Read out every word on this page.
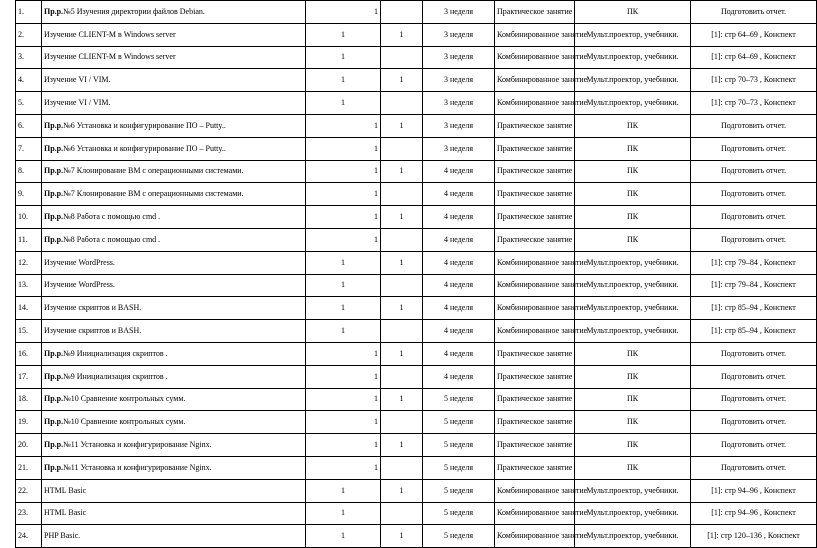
1.	Пр.р.№5 Изучения директории файлов Debian.	1		3 неделя	Практическое занятие	ПК	Подготовить отчет.
2.	Изучение CLIENT-M в Windows server	1	1	3 неделя	Комбинированное занятие	Мульт.проектор, учебники.	[1]: стр 64–69 , Конспект
3.	Изучение CLIENT-M в Windows server	1		3 неделя	Комбинированное занятие	Мульт.проектор, учебники.	[1]: стр 64–69 , Конспект
4.	Изучение VI / VIM.	1	1	3 неделя	Комбинированное занятие	Мульт.проектор, учебники.	[1]: стр 70–73 , Конспект
5.	Изучение VI / VIM.	1		3 неделя	Комбинированное занятие	Мульт.проектор, учебники.	[1]: стр 70–73 , Конспект
6.	Пр.р.№6 Установка и конфигурирование ПО – Putty..	1	1	3 неделя	Практическое занятие	ПК	Подготовить отчет.
7.	Пр.р.№6 Установка и конфигурирование ПО – Putty..	1		3 неделя	Практическое занятие	ПК	Подготовить отчет.
8.	Пр.р.№7 Клонирование ВМ с операционными системами.	1	1	4 неделя	Практическое занятие	ПК	Подготовить отчет.
9.	Пр.р.№7 Клонирование ВМ с операционными системами.	1		4 неделя	Практическое занятие	ПК	Подготовить отчет.
10.	Пр.р.№8 Работа с помощью cmd .	1	1	4 неделя	Практическое занятие	ПК	Подготовить отчет.
11.	Пр.р.№8 Работа с помощью cmd .	1		4 неделя	Практическое занятие	ПК	Подготовить отчет.
12.	Изучение WordPress.	1	1	4 неделя	Комбинированное занятие	Мульт.проектор, учебники.	[1]: стр 79–84 , Конспект
13.	Изучение WordPress.	1		4 неделя	Комбинированное занятие	Мульт.проектор, учебники.	[1]: стр 79–84 , Конспект
14.	Изучение скриптов и BASH.	1	1	4 неделя	Комбинированное занятие	Мульт.проектор, учебники.	[1]: стр 85–94 , Конспект
15.	Изучение скриптов и BASH.	1		4 неделя	Комбинированное занятие	Мульт.проектор, учебники.	[1]: стр 85–94 , Конспект
16.	Пр.р.№9 Инициализация скриптов .	1	1	4 неделя	Практическое занятие	ПК	Подготовить отчет.
17.	Пр.р.№9 Инициализация скриптов .	1		4 неделя	Практическое занятие	ПК	Подготовить отчет.
18.	Пр.р.№10 Сравнение контрольных сумм.	1	1	5 неделя	Практическое занятие	ПК	Подготовить отчет.
19.	Пр.р.№10 Сравнение контрольных сумм.	1		5 неделя	Практическое занятие	ПК	Подготовить отчет.
20.	Пр.р.№11 Установка и конфигурирование Nginx.	1	1	5 неделя	Практическое занятие	ПК	Подготовить отчет.
21.	Пр.р.№11 Установка и конфигурирование Nginx.	1		5 неделя	Практическое занятие	ПК	Подготовить отчет.
22.	HTML Basic	1	1	5 неделя	Комбинированное занятие	Мульт.проектор, учебники.	[1]: стр 94–96 , Конспект
23.	HTML Basic	1		5 неделя	Комбинированное занятие	Мульт.проектор, учебники.	[1]: стр 94–96 , Конспект
24.	PHP Basic.	1	1	5 неделя	Комбинированное занятие	Мульт.проектор, учебники.	[1]: стр 120–136 , Конспект
